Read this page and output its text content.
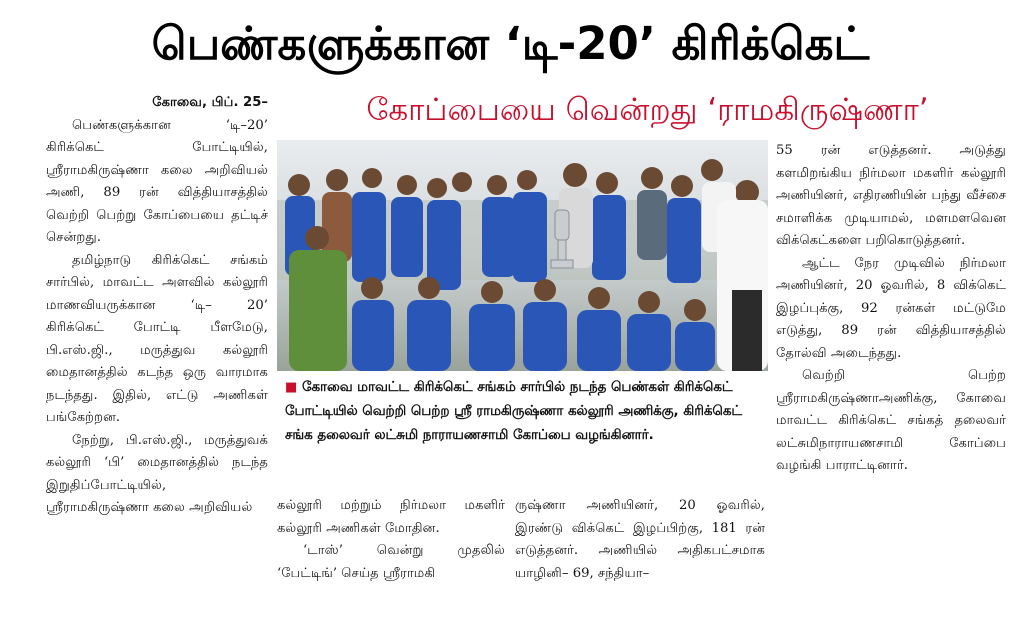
பெண்களுக்கான ‘டி-20’ கிரிக்கெட்
கோப்பையை வென்றது ‘ராமகிருஷ்ணா’

கோவை, பிப். 25–

பெண்களுக்கான ‘டி–20’ கிரிக்கெட் போட்டியில், ஸ்ரீராமகிருஷ்ணா கலை அறிவியல் அணி, 89 ரன் வித்தியாசத்தில் வெற்றி பெற்று கோப்பையை தட்டிச் சென்றது.

தமிழ்நாடு கிரிக்கெட் சங்கம் சார்பில், மாவட்ட அளவில் கல்லூரி மாணவியருக்கான ‘டி– 20’ கிரிக்கெட் போட்டி பீளமேடு, பி.எஸ்.ஜி., மருத்துவ கல்லூரி மைதானத்தில் கடந்த ஒரு வாரமாக நடந்தது. இதில், எட்டு அணிகள் பங்கேற்றன.

நேற்று, பி.எஸ்.ஜி., மருத்துவக் கல்லூரி ‘பி’ மைதானத்தில் நடந்த இறுதிப்போட்டியில், ஸ்ரீராமகிருஷ்ணா கலை அறிவியல்

■ கோவை மாவட்ட கிரிக்கெட் சங்கம் சார்பில் நடந்த பெண்கள் கிரிக்கெட் போட்டியில் வெற்றி பெற்ற ஸ்ரீ ராமகிருஷ்ணா கல்லூரி அணிக்கு, கிரிக்கெட் சங்க தலைவர் லட்சுமி நாராயணசாமி கோப்பை வழங்கினார்.

கல்லூரி மற்றும் நிர்மலா மகளிர் கல்லூரி அணிகள் மோதின.

‘டாஸ்’ வென்று முதலில் ‘பேட்டிங்’ செய்த ஸ்ரீராமகி

ருஷ்ணா அணியினர், 20 ஓவரில், இரண்டு விக்கெட் இழப்பிற்கு, 181 ரன் எடுத்தனர். அணியில் அதிகபட்சமாக யாழினி– 69, சந்தியா–

55 ரன் எடுத்தனர். அடுத்து களமிறங்கிய நிர்மலா மகளிர் கல்லூரி அணியினர், எதிரணியின் பந்து வீச்சை சமாளிக்க முடியாமல், மளமளவென விக்கெட்களை பறிகொடுத்தனர்.

ஆட்ட நேர முடிவில் நிர்மலா அணியினர், 20 ஓவரில், 8 விக்கெட் இழப்புக்கு, 92 ரன்கள் மட்டுமே எடுத்து, 89 ரன் வித்தியாசத்தில் தோல்வி அடைந்தது.

வெற்றி பெற்ற ஸ்ரீராமகிருஷ்ணாஅணிக்கு, கோவை மாவட்ட கிரிக்கெட் சங்கத் தலைவர் லட்சுமிநாராயணசாமி கோப்பை வழங்கி பாராட்டினார்.
